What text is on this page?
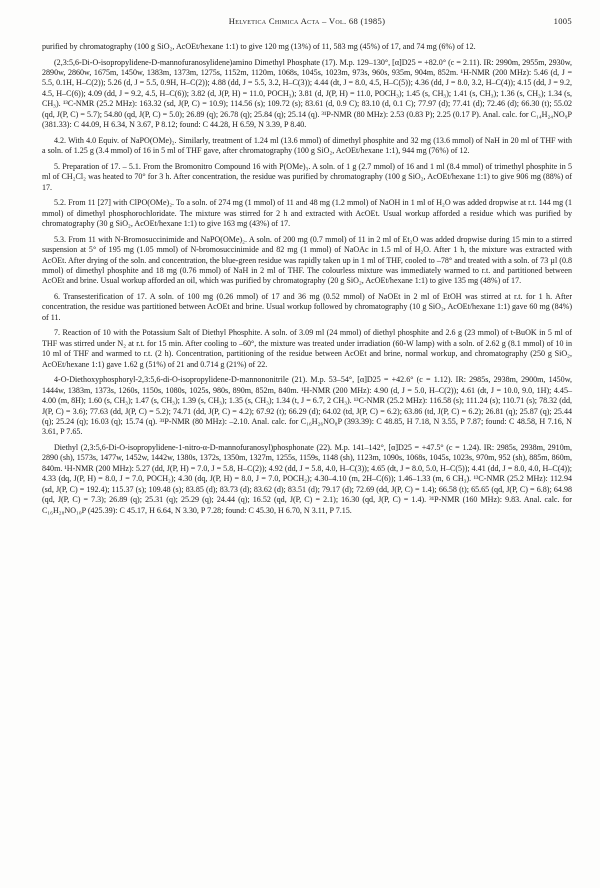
Helvetica Chimica Acta – Vol. 68 (1985)	1005

purified by chromatography (100 g SiO₂, AcOEt/hexane 1:1) to give 120 mg (13%) of 11, 583 mg (45%) of 17, and 74 mg (6%) of 12.

(2,3:5,6-Di-O-isopropylidene-D-mannofuranosylidene)amino Dimethyl Phosphate (17). M.p. 129–130°, [α]D25 = +82.0° (c = 2.11). IR: 2990m, 2955m, 2930w, 2890w, 2860w, 1675m, 1450w, 1383m, 1373m, 1275s, 1152m, 1120m, 1068s, 1045s, 1023m, 973s, 960s, 935m, 904m, 852m. ¹H-NMR (200 MHz): 5.46 (d, J = 5.5, 0.1H, H–C(2)); 5.26 (d, J = 5.5, 0.9H, H–C(2)); 4.88 (dd, J = 5.5, 3.2, H–C(3)); 4.44 (dt, J = 8.0, 4.5, H–C(5)); 4.36 (dd, J = 8.0, 3.2, H–C(4)); 4.15 (dd, J = 9.2, 4.5, H–C(6)); 4.09 (dd, J = 9.2, 4.5, H–C(6)); 3.82 (d, J(P, H) = 11.0, POCH₃); 3.81 (d, J(P, H) = 11.0, POCH₃); 1.45 (s, CH₃); 1.41 (s, CH₃); 1.36 (s, CH₃); 1.34 (s, CH₃). ¹³C-NMR (25.2 MHz): 163.32 (sd, J(P, C) = 10.9); 114.56 (s); 109.72 (s); 83.61 (d, 0.9 C); 83.10 (d, 0.1 C); 77.97 (d); 77.41 (d); 72.46 (d); 66.30 (t); 55.02 (qd, J(P, C) = 5.7); 54.80 (qd, J(P, C) = 5.0); 26.89 (q); 26.78 (q); 25.84 (q); 25.14 (q). ³¹P-NMR (80 MHz): 2.53 (0.83 P); 2.25 (0.17 P). Anal. calc. for C₁₄H₂₄NO₉P (381.33): C 44.09, H 6.34, N 3.67, P 8.12; found: C 44.28, H 6.59, N 3.39, P 8.40.

4.2. With 4.0 Equiv. of NaPO(OMe)₂. Similarly, treatment of 1.24 ml (13.6 mmol) of dimethyl phosphite and 32 mg (13.6 mmol) of NaH in 20 ml of THF with a soln. of 1.25 g (3.4 mmol) of 16 in 5 ml of THF gave, after chromatography (100 g SiO₂, AcOEt/hexane 1:1), 944 mg (76%) of 12.

5. Preparation of 17. – 5.1. From the Bromonitro Compound 16 with P(OMe)₃. A soln. of 1 g (2.7 mmol) of 16 and 1 ml (8.4 mmol) of trimethyl phosphite in 5 ml of CH₂Cl₂ was heated to 70° for 3 h. After concentration, the residue was purified by chromatography (100 g SiO₂, AcOEt/hexane 1:1) to give 906 mg (88%) of 17.

5.2. From 11 [27] with ClPO(OMe)₂. To a soln. of 274 mg (1 mmol) of 11 and 48 mg (1.2 mmol) of NaOH in 1 ml of H₂O was added dropwise at r.t. 144 mg (1 mmol) of dimethyl phosphorochloridate. The mixture was stirred for 2 h and extracted with AcOEt. Usual workup afforded a residue which was purified by chromatography (30 g SiO₂, AcOEt/hexane 1:1) to give 163 mg (43%) of 17.

5.3. From 11 with N-Bromosuccinimide and NaPO(OMe)₂. A soln. of 200 mg (0.7 mmol) of 11 in 2 ml of Et₂O was added dropwise during 15 min to a stirred suspension at 5° of 195 mg (1.05 mmol) of N-bromosuccinimide and 82 mg (1 mmol) of NaOAc in 1.5 ml of H₂O. After 1 h, the mixture was extracted with AcOEt. After drying of the soln. and concentration, the blue-green residue was rapidly taken up in 1 ml of THF, cooled to –78° and treated with a soln. of 73 µl (0.8 mmol) of dimethyl phosphite and 18 mg (0.76 mmol) of NaH in 2 ml of THF. The colourless mixture was immediately warmed to r.t. and partitioned between AcOEt and brine. Usual workup afforded an oil, which was purified by chromatography (20 g SiO₂, AcOEt/hexane 1:1) to give 135 mg (48%) of 17.

6. Transesterification of 17. A soln. of 100 mg (0.26 mmol) of 17 and 36 mg (0.52 mmol) of NaOEt in 2 ml of EtOH was stirred at r.t. for 1 h. After concentration, the residue was partitioned between AcOEt and brine. Usual workup followed by chromatography (10 g SiO₂, AcOEt/hexane 1:1) gave 60 mg (84%) of 11.

7. Reaction of 10 with the Potassium Salt of Diethyl Phosphite. A soln. of 3.09 ml (24 mmol) of diethyl phosphite and 2.6 g (23 mmol) of t-BuOK in 5 ml of THF was stirred under N₂ at r.t. for 15 min. After cooling to –60°, the mixture was treated under irradiation (60-W lamp) with a soln. of 2.62 g (8.1 mmol) of 10 in 10 ml of THF and warmed to r.t. (2 h). Concentration, partitioning of the residue between AcOEt and brine, normal workup, and chromatography (250 g SiO₂, AcOEt/hexane 1:1) gave 1.62 g (51%) of 21 and 0.714 g (21%) of 22.

4-O-Diethoxyphosphoryl-2,3:5,6-di-O-isopropylidene-D-mannononitrile (21). M.p. 53–54°, [α]D25 = +42.6° (c = 1.12). IR: 2985s, 2938m, 2900m, 1450w, 1444w, 1383m, 1373s, 1260s, 1150s, 1080s, 1025s, 980s, 890m, 852m, 840m. ¹H-NMR (200 MHz): 4.90 (d, J = 5.0, H–C(2)); 4.61 (dt, J = 10.0, 9.0, 1H); 4.45–4.00 (m, 8H); 1.60 (s, CH₃); 1.47 (s, CH₃); 1.39 (s, CH₃); 1.35 (s, CH₃); 1.34 (t, J = 6.7, 2 CH₃). ¹³C-NMR (25.2 MHz): 116.58 (s); 111.24 (s); 110.71 (s); 78.32 (dd, J(P, C) = 3.6); 77.63 (dd, J(P, C) = 5.2); 74.71 (dd, J(P, C) = 4.2); 67.92 (t); 66.29 (d); 64.02 (td, J(P, C) = 6.2); 63.86 (td, J(P, C) = 6.2); 26.81 (q); 25.87 (q); 25.44 (q); 25.24 (q); 16.03 (q); 15.74 (q). ³¹P-NMR (80 MHz): –2.10. Anal. calc. for C₁₆H₂₆NO₈P (393.39): C 48.85, H 7.18, N 3.55, P 7.87; found: C 48.58, H 7.16, N 3.61, P 7.65.

Diethyl (2,3:5,6-Di-O-isopropylidene-1-nitro-α-D-mannofuranosyl)phosphonate (22). M.p. 141–142°, [α]D25 = +47.5° (c = 1.24). IR: 2985s, 2938m, 2910m, 2890 (sh), 1573s, 1477w, 1452w, 1442w, 1380s, 1372s, 1350m, 1327m, 1255s, 1159s, 1148 (sh), 1123m, 1090s, 1068s, 1045s, 1023s, 970m, 952 (sh), 885m, 860m, 840m. ¹H-NMR (200 MHz): 5.27 (dd, J(P, H) = 7.0, J = 5.8, H–C(2)); 4.92 (dd, J = 5.8, 4.0, H–C(3)); 4.65 (dt, J = 8.0, 5.0, H–C(5)); 4.41 (dd, J = 8.0, 4.0, H–C(4)); 4.33 (dq, J(P, H) = 8.0, J = 7.0, POCH₂); 4.30 (dq, J(P, H) = 8.0, J = 7.0, POCH₂); 4.30–4.10 (m, 2H–C(6)); 1.46–1.33 (m, 6 CH₃). ¹³C-NMR (25.2 MHz): 112.94 (sd, J(P, C) = 192.4); 115.37 (s); 109.48 (s); 83.85 (d); 83.73 (d); 83.62 (d); 83.51 (d); 79.17 (d); 72.69 (dd, J(P, C) = 1.4); 66.58 (t); 65.65 (qd, J(P, C) = 6.8); 64.98 (qd, J(P, C) = 7.3); 26.89 (q); 25.31 (q); 25.29 (q); 24.44 (q); 16.52 (qd, J(P, C) = 2.1); 16.30 (qd, J(P, C) = 1.4). ³¹P-NMR (160 MHz): 9.83. Anal. calc. for C₁₆H₂₈NO₁₀P (425.39): C 45.17, H 6.64, N 3.30, P 7.28; found: C 45.30, H 6.70, N 3.11, P 7.15.
